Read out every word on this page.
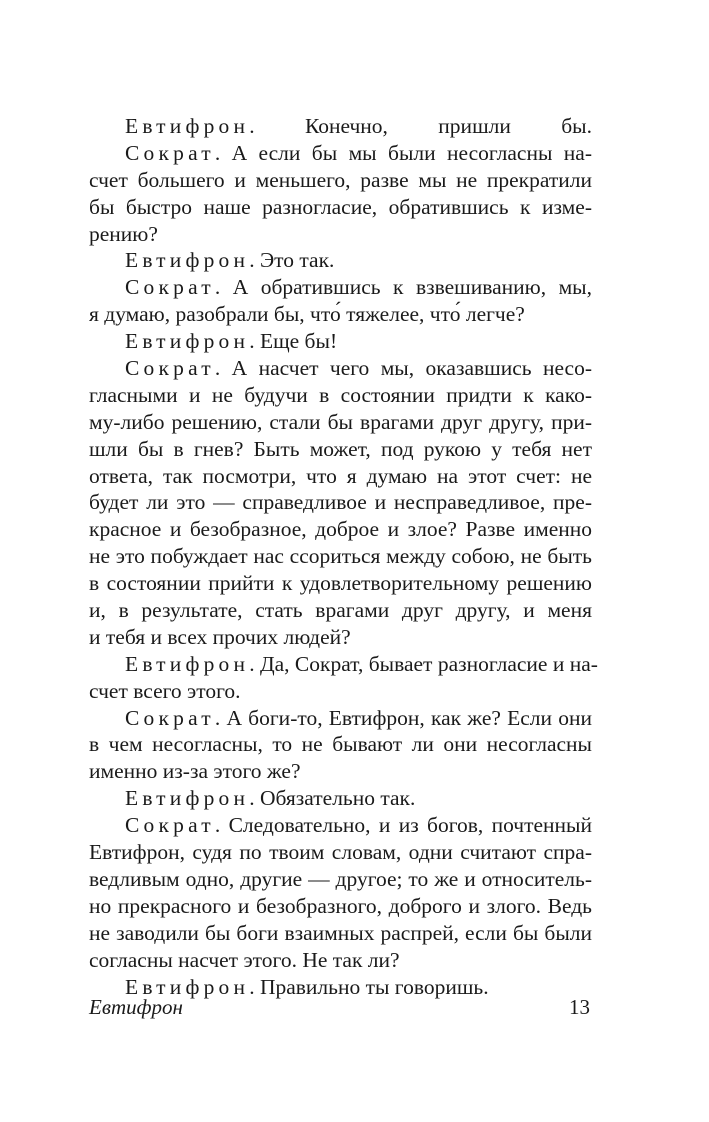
Евтифрон. Конечно, пришли бы.
Сократ. А если бы мы были несогласны на-
счет большего и меньшего, разве мы не прекратили
бы быстро наше разногласие, обратившись к изме-
рению?
Евтифрон. Это так.
Сократ. А обратившись к взвешиванию, мы,
я думаю, разобрали бы, что́ тяжелее, что́ легче?
Евтифрон. Еще бы!
Сократ. А насчет чего мы, оказавшись несо-
гласными и не будучи в состоянии придти к како-
му-либо решению, стали бы врагами друг другу, при-
шли бы в гнев? Быть может, под рукою у тебя нет
ответа, так посмотри, что я думаю на этот счет: не
будет ли это — справедливое и несправедливое, пре-
красное и безобразное, доброе и злое? Разве именно
не это побуждает нас ссориться между собою, не быть
в состоянии прийти к удовлетворительному решению
и, в результате, стать врагами друг другу, и меня
и тебя и всех прочих людей?
Евтифрон. Да, Сократ, бывает разногласие и на-
счет всего этого.
Сократ. А боги-то, Евтифрон, как же? Если они
в чем несогласны, то не бывают ли они несогласны
именно из-за этого же?
Евтифрон. Обязательно так.
Сократ. Следовательно, и из богов, почтенный
Евтифрон, судя по твоим словам, одни считают спра-
ведливым одно, другие — другое; то же и относитель-
но прекрасного и безобразного, доброго и злого. Ведь
не заводили бы боги взаимных распрей, если бы были
согласны насчет этого. Не так ли?
Евтифрон. Правильно ты говоришь.
Евтифрон	13
